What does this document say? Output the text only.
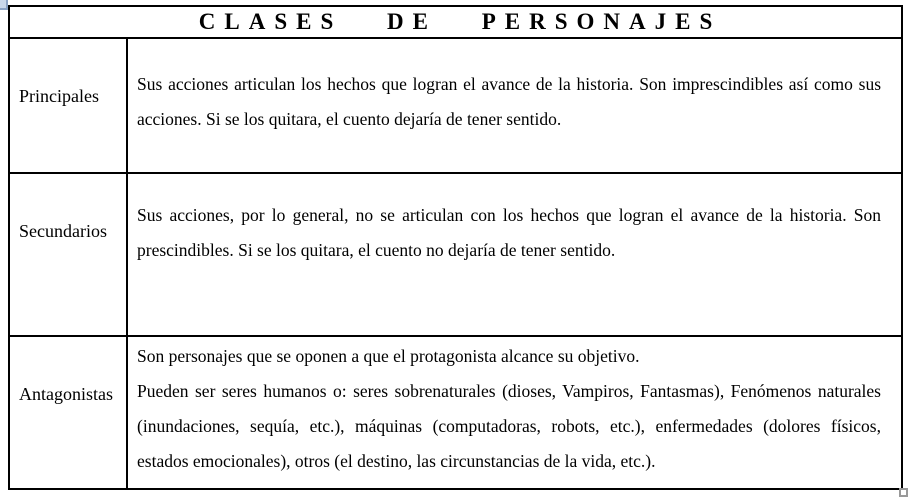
CLASES DE PERSONAJES
Principales

Sus acciones articulan los hechos que logran el avance de la historia. Son imprescindibles así como sus acciones. Si se los quitara, el cuento dejaría de tener sentido.

Secundarios

Sus acciones, por lo general, no se articulan con los hechos que logran el avance de la historia. Son prescindibles. Si se los quitara, el cuento no dejaría de tener sentido.

Antagonistas

Son personajes que se oponen a que el protagonista alcance su objetivo.

Pueden ser seres humanos o: seres sobrenaturales (dioses, Vampiros, Fantasmas), Fenómenos naturales (inundaciones, sequía, etc.), máquinas (computadoras, robots, etc.), enfermedades (dolores físicos, estados emocionales), otros (el destino, las circunstancias de la vida, etc.).
